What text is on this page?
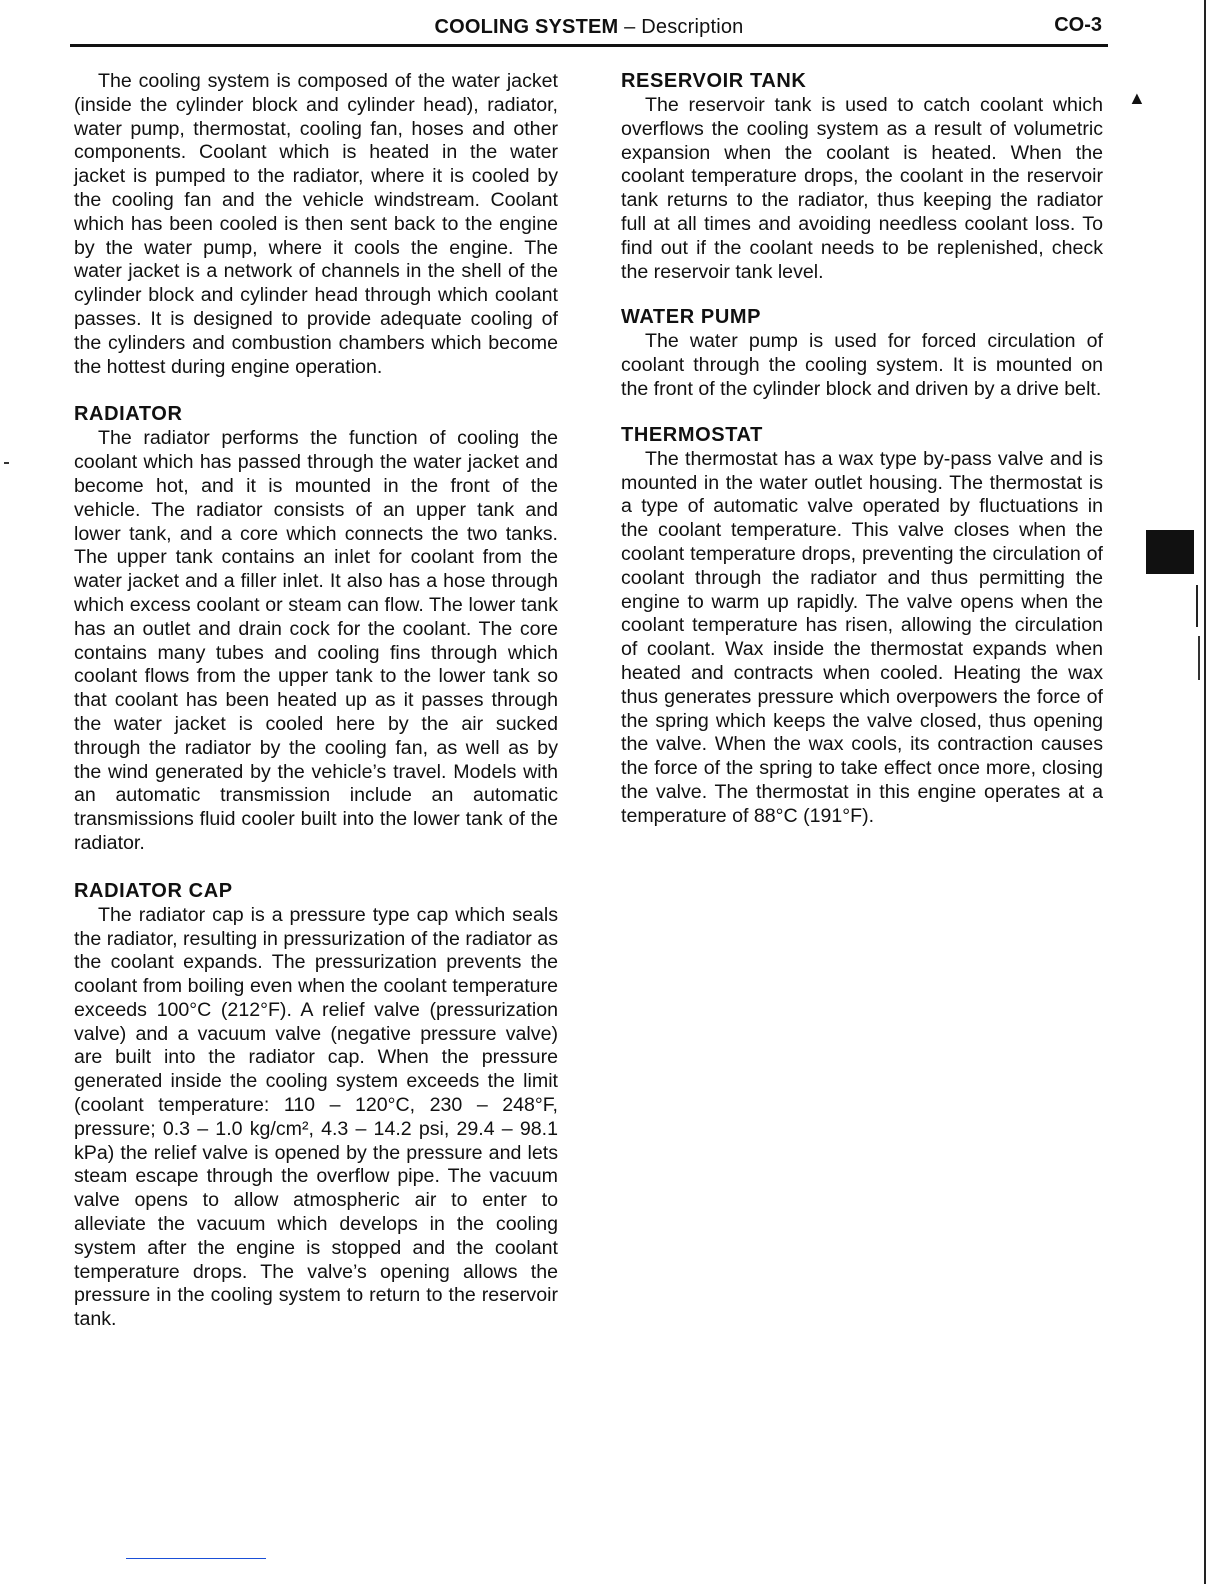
COOLING SYSTEM – Description	CO-3

The cooling system is composed of the water jacket (inside the cylinder block and cylinder head), radiator, water pump, thermostat, cooling fan, hoses and other components. Coolant which is heated in the water jacket is pumped to the radiator, where it is cooled by the cooling fan and the vehicle windstream. Coolant which has been cooled is then sent back to the engine by the water pump, where it cools the engine. The water jacket is a network of channels in the shell of the cylinder block and cylinder head through which coolant passes. It is designed to provide adequate cooling of the cylinders and combustion chambers which become the hottest during engine operation.

RADIATOR

The radiator performs the function of cooling the coolant which has passed through the water jacket and become hot, and it is mounted in the front of the vehicle. The radiator consists of an upper tank and lower tank, and a core which connects the two tanks. The upper tank contains an inlet for coolant from the water jacket and a filler inlet. It also has a hose through which excess coolant or steam can flow. The lower tank has an outlet and drain cock for the coolant. The core contains many tubes and cooling fins through which coolant flows from the upper tank to the lower tank so that coolant has been heated up as it passes through the water jacket is cooled here by the air sucked through the radiator by the cooling fan, as well as by the wind generated by the vehicle’s travel. Models with an automatic transmission include an automatic transmissions fluid cooler built into the lower tank of the radiator.

RADIATOR CAP

The radiator cap is a pressure type cap which seals the radiator, resulting in pressurization of the radiator as the coolant expands. The pressurization prevents the coolant from boiling even when the coolant temperature exceeds 100°C (212°F). A relief valve (pressurization valve) and a vacuum valve (negative pressure valve) are built into the radiator cap. When the pressure generated inside the cooling system exceeds the limit (coolant temperature: 110 – 120°C, 230 – 248°F, pressure; 0.3 – 1.0 kg/cm², 4.3 – 14.2 psi, 29.4 – 98.1 kPa) the relief valve is opened by the pressure and lets steam escape through the overflow pipe. The vacuum valve opens to allow atmospheric air to enter to alleviate the vacuum which develops in the cooling system after the engine is stopped and the coolant temperature drops. The valve’s opening allows the pressure in the cooling system to return to the reservoir tank.

RESERVOIR TANK

The reservoir tank is used to catch coolant which overflows the cooling system as a result of volumetric expansion when the coolant is heated. When the coolant temperature drops, the coolant in the reservoir tank returns to the radiator, thus keeping the radiator full at all times and avoiding needless coolant loss. To find out if the coolant needs to be replenished, check the reservoir tank level.

WATER PUMP

The water pump is used for forced circulation of coolant through the cooling system. It is mounted on the front of the cylinder block and driven by a drive belt.

THERMOSTAT

The thermostat has a wax type by-pass valve and is mounted in the water outlet housing. The thermostat is a type of automatic valve operated by fluctuations in the coolant temperature. This valve closes when the coolant temperature drops, preventing the circulation of coolant through the radiator and thus permitting the engine to warm up rapidly. The valve opens when the coolant temperature has risen, allowing the circulation of coolant. Wax inside the thermostat expands when heated and contracts when cooled. Heating the wax thus generates pressure which overpowers the force of the spring which keeps the valve closed, thus opening the valve. When the wax cools, its contraction causes the force of the spring to take effect once more, closing the valve. The thermostat in this engine operates at a temperature of 88°C (191°F).

▲
